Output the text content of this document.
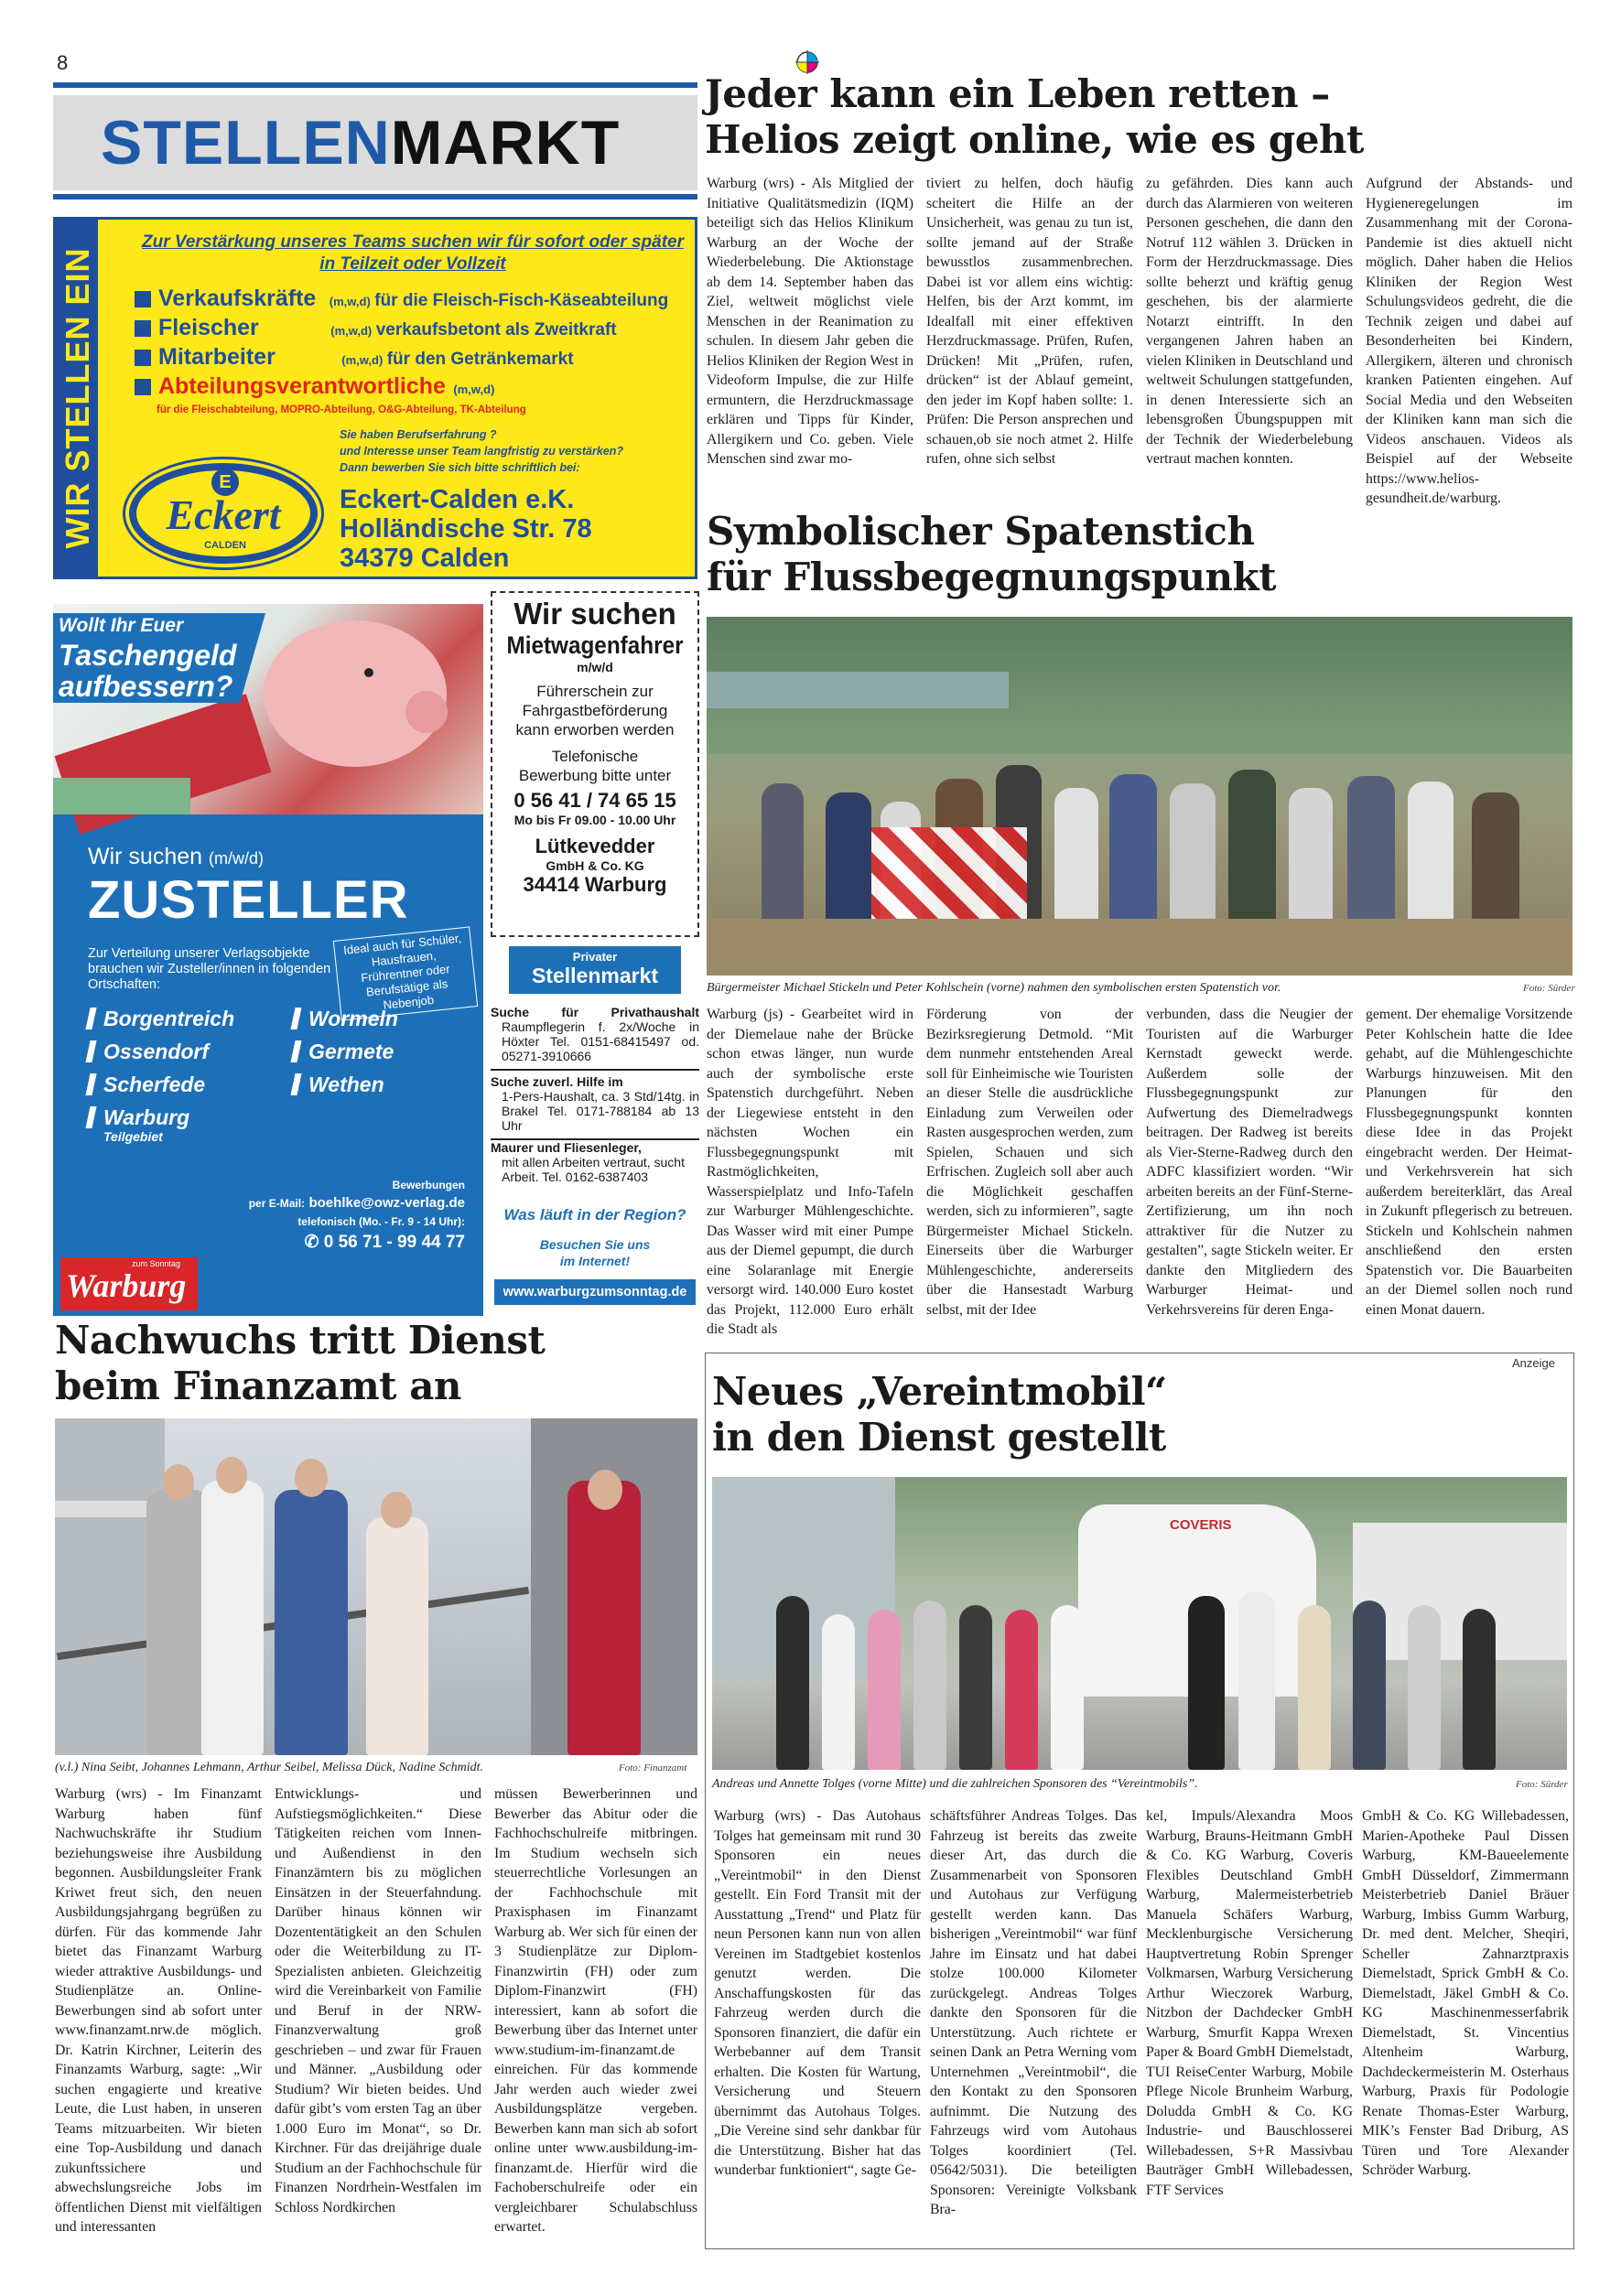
8
STELLENMARKT
WIR STELLEN EIN
Zur Verstärkung unseres Teams suchen wir für sofort oder später
in Teilzeit oder Vollzeit
Verkaufskräfte (m,w,d) für die Fleisch-Fisch-Käseabteilung
Fleischer	(m,w,d) verkaufsbetont als Zweitkraft
Mitarbeiter	(m,w,d) für den Getränkemarkt
Abteilungsverantwortliche (m,w,d)
für die Fleischabteilung, MOPRO-Abteilung, O&G-Abteilung, TK-Abteilung
Sie haben Berufserfahrung ?
und Interesse unser Team langfristig zu verstärken?
Dann bewerben Sie sich bitte schriftlich bei:
E
Eckert
CALDEN
Eckert-Calden e.K.
Holländische Str. 78
34379 Calden
Wollt Ihr Euer
Taschengeld
aufbessern?
Wir suchen (m/w/d)
ZUSTELLER
Zur Verteilung unserer Verlagsobjekte brauchen wir Zusteller/innen in folgenden Ortschaften:
Ideal auch für Schüler, Hausfrauen, Frührentner oder Berufstätige als Nebenjob
Borgentreich
Ossendorf
Scherfede
Warburg
Teilgebiet
Wormeln
Germete
Wethen
Bewerbungen
per E-Mail: boehlke@owz-verlag.de
telefonisch (Mo. - Fr. 9 - 14 Uhr):
✆ 0 56 71 - 99 44 77
zum Sonntag
Warburg
Wir suchen
Mietwagenfahrer
m/w/d
Führerschein zur Fahrgastbeförderung kann erworben werden
Telefonische Bewerbung bitte unter
0 56 41 / 74 65 15
Mo bis Fr 09.00 - 10.00 Uhr
Lütkevedder
GmbH & Co. KG
34414 Warburg
Privater
Stellenmarkt
Suche für Privathaushalt
Raumpflegerin f. 2x/Woche in Höxter Tel. 0151-68415497 od. 05271-3910666
Suche zuverl. Hilfe im
1-Pers-Haushalt, ca. 3 Std/14tg. in Brakel Tel. 0171-788184 ab 13 Uhr
Maurer und Fliesenleger,
mit allen Arbeiten vertraut, sucht Arbeit. Tel. 0162-6387403
Was läuft in der Region?
Besuchen Sie uns
im Internet!
www.warburgzumsonntag.de
Jeder kann ein Leben retten –
Helios zeigt online, wie es geht
Warburg (wrs) - Als Mitglied der Initiative Qualitätsmedizin (IQM) beteiligt sich das Helios Klinikum Warburg an der Woche der Wiederbelebung. Die Aktionstage ab dem 14. September haben das Ziel, weltweit möglichst viele Menschen in der Reanimation zu schulen. In diesem Jahr geben die Helios Kliniken der Region West in Videoform Impulse, die zur Hilfe ermuntern, die Herzdruckmassage erklären und Tipps für Kinder, Allergikern und Co. geben. Viele Menschen sind zwar mo-
tiviert zu helfen, doch häufig scheitert die Hilfe an der Unsicherheit, was genau zu tun ist, sollte jemand auf der Straße bewusstlos zusammenbrechen. Dabei ist vor allem eins wichtig: Helfen, bis der Arzt kommt, im Idealfall mit einer effektiven Herzdruckmassage. Prüfen, Rufen, Drücken! Mit „Prüfen, rufen, drücken“ ist der Ablauf gemeint, den jeder im Kopf haben sollte: 1. Prüfen: Die Person ansprechen und schauen,ob sie noch atmet 2. Hilfe rufen, ohne sich selbst
zu gefährden. Dies kann auch durch das Alarmieren von weiteren Personen geschehen, die dann den Notruf 112 wählen 3. Drücken in Form der Herzdruckmassage. Dies sollte beherzt und kräftig genug geschehen, bis der alarmierte Notarzt eintrifft. In den vergangenen Jahren haben an vielen Kliniken in Deutschland und weltweit Schulungen stattgefunden, in denen Interessierte sich an lebensgroßen Übungspuppen mit der Technik der Wiederbelebung vertraut machen konnten.
Aufgrund der Abstands- und Hygieneregelungen im Zusammenhang mit der Corona-Pandemie ist dies aktuell nicht möglich. Daher haben die Helios Kliniken der Region West Schulungsvideos gedreht, die die Technik zeigen und dabei auf Besonderheiten bei Kindern, Allergikern, älteren und chronisch kranken Patienten eingehen. Auf Social Media und den Webseiten der Kliniken kann man sich die Videos anschauen. Videos als Beispiel auf der Webseite https://www.helios-gesundheit.de/warburg.
Symbolischer Spatenstich
für Flussbegegnungspunkt
Bürgermeister Michael Stickeln und Peter Kohlschein (vorne) nahmen den symbolischen ersten Spatenstich vor.	Foto: Sürder
Warburg (js) - Gearbeitet wird in der Diemelaue nahe der Brücke schon etwas länger, nun wurde auch der symbolische erste Spatenstich durchgeführt. Neben der Liegewiese entsteht in den nächsten Wochen ein Flussbegegnungspunkt mit Rastmöglichkeiten, Wasserspielplatz und Info-Tafeln zur Warburger Mühlengeschichte. Das Wasser wird mit einer Pumpe aus der Diemel gepumpt, die durch eine Solaranlage mit Energie versorgt wird. 140.000 Euro kostet das Projekt, 112.000 Euro erhält die Stadt als
Förderung von der Bezirksregierung Detmold. “Mit dem nunmehr entstehenden Areal soll für Einheimische wie Touristen an dieser Stelle die ausdrückliche Einladung zum Verweilen oder Rasten ausgesprochen werden, zum Spielen, Schauen und sich Erfrischen. Zugleich soll aber auch die Möglichkeit geschaffen werden, sich zu informieren”, sagte Bürgermeister Michael Stickeln. Einerseits über die Warburger Mühlengeschichte, andererseits über die Hansestadt Warburg selbst, mit der Idee
verbunden, dass die Neugier der Touristen auf die Warburger Kernstadt geweckt werde. Außerdem solle der Flussbegegnungspunkt zur Aufwertung des Diemelradwegs beitragen. Der Radweg ist bereits als Vier-Sterne-Radweg durch den ADFC klassifiziert worden. “Wir arbeiten bereits an der Fünf-Sterne-Zertifizierung, um ihn noch attraktiver für die Nutzer zu gestalten”, sagte Stickeln weiter. Er dankte den Mitgliedern des Warburger Heimat- und Verkehrsvereins für deren Enga-
gement. Der ehemalige Vorsitzende Peter Kohlschein hatte die Idee gehabt, auf die Mühlengeschichte Warburgs hinzuweisen. Mit den Planungen für den Flussbegegnungspunkt konnten diese Idee in das Projekt eingebracht werden. Der Heimat- und Verkehrsverein hat sich außerdem bereiterklärt, das Areal in Zukunft pflegerisch zu betreuen. Stickeln und Kohlschein nahmen anschließend den ersten Spatenstich vor. Die Bauarbeiten an der Diemel sollen noch rund einen Monat dauern.
Nachwuchs tritt Dienst
beim Finanzamt an
(v.l.) Nina Seibt, Johannes Lehmann, Arthur Seibel, Melissa Dück, Nadine Schmidt.	Foto: Finanzamt
Warburg (wrs) - Im Finanzamt Warburg haben fünf Nachwuchskräfte ihr Studium beziehungsweise ihre Ausbildung begonnen. Ausbildungsleiter Frank Kriwet freut sich, den neuen Ausbildungsjahrgang begrüßen zu dürfen. Für das kommende Jahr bietet das Finanzamt Warburg wieder attraktive Ausbildungs- und Studienplätze an. Online-Bewerbungen sind ab sofort unter www.finanzamt.nrw.de möglich. Dr. Katrin Kirchner, Leiterin des Finanzamts Warburg, sagte: „Wir suchen engagierte und kreative Leute, die Lust haben, in unseren Teams mitzuarbeiten. Wir bieten eine Top-Ausbildung und danach zukunftssichere und abwechslungsreiche Jobs im öffentlichen Dienst mit vielfältigen und interessanten
Entwicklungs- und Aufstiegsmöglichkeiten.“ Diese Tätigkeiten reichen vom Innen- und Außendienst in den Finanzämtern bis zu möglichen Einsätzen in der Steuerfahndung. Darüber hinaus können wir Dozententätigkeit an den Schulen oder die Weiterbildung zu IT-Spezialisten anbieten. Gleichzeitig wird die Vereinbarkeit von Familie und Beruf in der NRW-Finanzverwaltung groß geschrieben – und zwar für Frauen und Männer. „Ausbildung oder Studium? Wir bieten beides. Und dafür gibt’s vom ersten Tag an über 1.000 Euro im Monat“, so Dr. Kirchner. Für das dreijährige duale Studium an der Fachhochschule für Finanzen Nordrhein-Westfalen im Schloss Nordkirchen
müssen Bewerberinnen und Bewerber das Abitur oder die Fachhochschulreife mitbringen. Im Studium wechseln sich steuerrechtliche Vorlesungen an der Fachhochschule mit Praxisphasen im Finanzamt Warburg ab. Wer sich für einen der 3 Studienplätze zur Diplom-Finanzwirtin (FH) oder zum Diplom-Finanzwirt (FH) interessiert, kann ab sofort die Bewerbung über das Internet unter www.studium-im-finanzamt.de einreichen. Für das kommende Jahr werden auch wieder zwei Ausbildungsplätze vergeben. Bewerben kann man sich ab sofort online unter www.ausbildung-im-finanzamt.de. Hierfür wird die Fachoberschulreife oder ein vergleichbarer Schulabschluss erwartet.
Anzeige
Neues „Vereintmobil“
in den Dienst gestellt
COVERIS
Andreas und Annette Tolges (vorne Mitte) und die zahlreichen Sponsoren des “Vereintmobils”.	Foto: Sürder
Warburg (wrs) - Das Autohaus Tolges hat gemeinsam mit rund 30 Sponsoren ein neues „Vereintmobil“ in den Dienst gestellt. Ein Ford Transit mit der Ausstattung „Trend“ und Platz für neun Personen kann nun von allen Vereinen im Stadtgebiet kostenlos genutzt werden. Die Anschaffungskosten für das Fahrzeug werden durch die Sponsoren finanziert, die dafür ein Werbebanner auf dem Transit erhalten. Die Kosten für Wartung, Versicherung und Steuern übernimmt das Autohaus Tolges. „Die Vereine sind sehr dankbar für die Unterstützung. Bisher hat das wunderbar funktioniert“, sagte Ge-
schäftsführer Andreas Tolges. Das Fahrzeug ist bereits das zweite dieser Art, das durch die Zusammenarbeit von Sponsoren und Autohaus zur Verfügung gestellt werden kann. Das bisherigen „Vereintmobil“ war fünf Jahre im Einsatz und hat dabei stolze 100.000 Kilometer zurückgelegt. Andreas Tolges dankte den Sponsoren für die Unterstützung. Auch richtete er seinen Dank an Petra Werning vom Unternehmen „Vereintmobil“, die den Kontakt zu den Sponsoren aufnimmt. Die Nutzung des Fahrzeugs wird vom Autohaus Tolges koordiniert (Tel. 05642/5031). Die beteiligten Sponsoren: Vereinigte Volksbank Bra-
kel, Impuls/Alexandra Moos Warburg, Brauns-Heitmann GmbH & Co. KG Warburg, Coveris Flexibles Deutschland GmbH Warburg, Malermeisterbetrieb Manuela Schäfers Warburg, Mecklenburgische Versicherung Hauptvertretung Robin Sprenger Volkmarsen, Warburg Versicherung Arthur Wieczorek Warburg, Nitzbon der Dachdecker GmbH Warburg, Smurfit Kappa Wrexen Paper & Board GmbH Diemelstadt, TUI ReiseCenter Warburg, Mobile Pflege Nicole Brunheim Warburg, Doludda GmbH & Co. KG Industrie- und Bauschlosserei Willebadessen, S+R Massivbau Bauträger GmbH Willebadessen, FTF Services
GmbH & Co. KG Willebadessen, Marien-Apotheke Paul Dissen Warburg, KM-Baueelemente GmbH Düsseldorf, Zimmermann Meisterbetrieb Daniel Bräuer Warburg, Imbiss Gumm Warburg, Dr. med dent. Melcher, Sheqiri, Scheller Zahnarztpraxis Diemelstadt, Sprick GmbH & Co. Diemelstadt, Jäkel GmbH & Co. KG Maschinenmesserfabrik Diemelstadt, St. Vincentius Altenheim Warburg, Dachdeckermeisterin M. Osterhaus Warburg, Praxis für Podologie Renate Thomas-Ester Warburg, MIK’s Fenster Bad Driburg, AS Türen und Tore Alexander Schröder Warburg.
